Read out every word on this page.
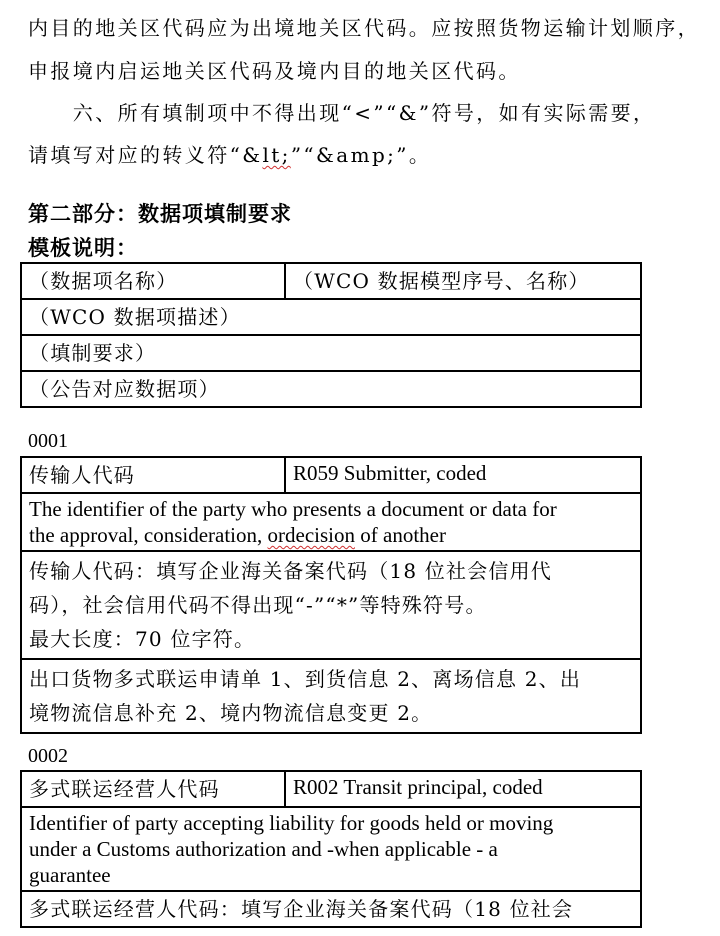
内目的地关区代码应为出境地关区代码。应按照货物运输计划顺序，
申报境内启运地关区代码及境内目的地关区代码。
　　六、所有填制项中不得出现“<”“&”符号，如有实际需要，
请填写对应的转义符“&lt;”“&amp;”。
第二部分：数据项填制要求
模板说明：
（数据项名称）	（WCO 数据模型序号、名称）
（WCO 数据项描述）
（填制要求）
（公告对应数据项）
0001
传输人代码	R059 Submitter, coded

The identifier of the party who presents a document or data for
the approval, consideration, ordecision of another

传输人代码：填写企业海关备案代码（18 位社会信用代
码），社会信用代码不得出现“-”“*”等特殊符号。
最大长度：70 位字符。

出口货物多式联运申请单 1、到货信息 2、离场信息 2、出
境物流信息补充 2、境内物流信息变更 2。
0002
多式联运经营人代码	R002 Transit principal, coded

Identifier of party accepting liability for goods held or moving
under a Customs authorization and -when applicable - a
guarantee

多式联运经营人代码：填写企业海关备案代码（18 位社会
